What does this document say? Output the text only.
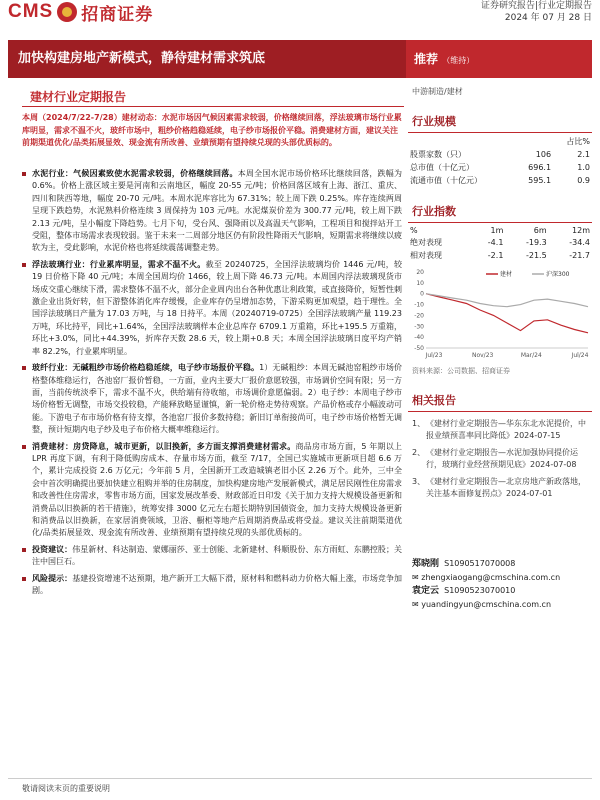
CMS 招商证券	证券研究报告|行业定期报告
2024 年 07 月 28 日
加快构建房地产新模式，静待建材需求筑底	推荐 （维持）
建材行业定期报告
本周（2024/7/22-7/28）建材动态：水泥市场因气候因素需求较弱，价格继续回落，浮法玻璃市场行业累库明显，需求不温不火，玻纤市场中，粗纱价格趋稳延续，电子纱市场报价平稳。消费建材方面，建议关注前期渠道优化/品类拓展显效、现金流有所改善、业绩预期有望持续兑现的头部优质标的。
水泥行业：气候因素致使水泥需求较弱，价格继续回落。本周全国水泥市场价格环比继续回落，跌幅为 0.6%。价格上涨区域主要是河南和云南地区，幅度 20-55 元/吨；价格回落区域有上海、浙江、重庆、四川和陕西等地，幅度 20-70 元/吨。本周水泥库容比为 67.31%；较上周下跌 0.25%。库存连续两周呈现下跌趋势，水泥熟料价格连续 3 周保持为 103 元/吨。水泥煤炭价差为 300.77 元/吨，较上周下跌 2.13 元/吨，呈小幅度下降趋势。七月下旬，受台风、强降雨以及高温天气影响，工程项目和搅拌站开工受阻，整体市场需求表现较弱。鉴于未来一二周部分地区仍有阶段性降雨天气影响，短期需求将继续以疲软为主，受此影响，水泥价格也将延续震荡调整走势。
浮法玻璃行业：行业累库明显，需求不温不火。截至 20240725，全国浮法玻璃均价 1446 元/吨，较 19 日价格下降 40 元/吨；本周全国周均价 1466，较上周下降 46.73 元/吨。本周国内浮法玻璃现货市场成交重心继续下滑，需求整体不温不火，部分企业周内出台各种优惠让利政策，或直接降价，短暂性刺激企业出货好转，但下游整体消化库存缓慢，企业库存仍呈增加态势，下游采购更加观望，趋于理性。全国浮法玻璃日产量为 17.03 万吨，与 18 日持平。本周（20240719-0725）全国浮法玻璃产量 119.23 万吨，环比持平，同比+1.64%，全国浮法玻璃样本企业总库存 6709.1 万重箱，环比+195.5 万重箱，环比+3.0%，同比+44.39%，折库存天数 28.6 天，较上期+0.8 天；本周全国浮法玻璃日度平均产销率 82.2%，行业累库明显。
玻纤行业：无碱粗纱市场价格趋稳延续，电子纱市场报价平稳。1）无碱粗纱：本周无碱池窑粗纱市场价格整体维稳运行，各池窑厂报价暂稳，一方面，业内主要大厂报价意愿较强，市场调价空间有限；另一方面，当前传统淡季下，需求不温不火，供给端有待收缩，市场调价意愿偏弱。2）电子纱：本周电子纱市场价格暂无调整，市场交投较稳，产能释放略显谨慎，新一轮价格走势待观察。产品价格或存小幅波动可能。下游电子布市场价格有待支撑，各池窑厂报价多数持稳；新旧订单衔接尚可，电子纱市场价格暂无调整，预计短期内电子纱及电子布价格大概率维稳运行。
消费建材：房贷降息，城市更新，以旧换新，多方面支撑消费建材需求。商品房市场方面，5 年期以上 LPR 再度下调，有利于降低购房成本、存量市场方面，截至 7/17，全国已实施城市更新项目超 6.6 万个，累计完成投资 2.6 万亿元；今年前 5 月，全国新开工改造城镇老旧小区 2.26 万个。此外，三中全会中首次明确提出要加快建立租购并举的住房制度，加快构建房地产发展新模式，满足居民刚性住房需求和改善性住房需求，零售市场方面，国家发展改革委、财政部近日印发《关于加力支持大规模设备更新和消费品以旧换新的若干措施》，统筹安排 3000 亿元左右超长期特别国债资金，加力支持大规模设备更新和消费品以旧换新，在家居消费领域，卫浴、橱柜等地产后周期消费品或将受益。建议关注前期渠道优化/品类拓展显效、现金流有所改善、业绩预期有望持续兑现的头部优质标的。
投资建议：伟星新材、科达制造、蒙娜丽莎、亚士创能、北新建材、科顺股份、东方雨虹、东鹏控股；关注中国巨石。
风险提示：基建投资增速不达预期，地产新开工大幅下滑，原材料和燃料动力价格大幅上涨，市场竞争加剧。
中游制造/建材
行业规模
		占比%
股票家数（只）	106	2.1
总市值（十亿元）	696.1	1.0
流通市值（十亿元）	595.1	0.9
行业指数
%	1m	6m	12m
绝对表现	-4.1	-19.3	-34.4
相对表现	-2.1	-21.5	-21.7
20
10
0
-10
-20
-30
-40
-50
Jul/23	Nov/23	Mar/24	Jul/24
建材	沪深300
资料来源：公司数据、招商证券
相关报告
1、 《建材行业定期报告—华东东北水泥提价，中报业绩预喜率同比降低》2024-07-15
2、 《建材行业定期报告—水泥加强协同提价运行，玻璃行业经营预期见底》2024-07-08
3、 《建材行业定期报告—北京房地产新政落地，关注基本面修复拐点》2024-07-01
郑晓刚 S1090517070008
✉ zhengxiaogang@cmschina.com.cn
袁定云 S1090523070010
✉ yuandingyun@cmschina.com.cn
敬请阅读末页的重要说明
